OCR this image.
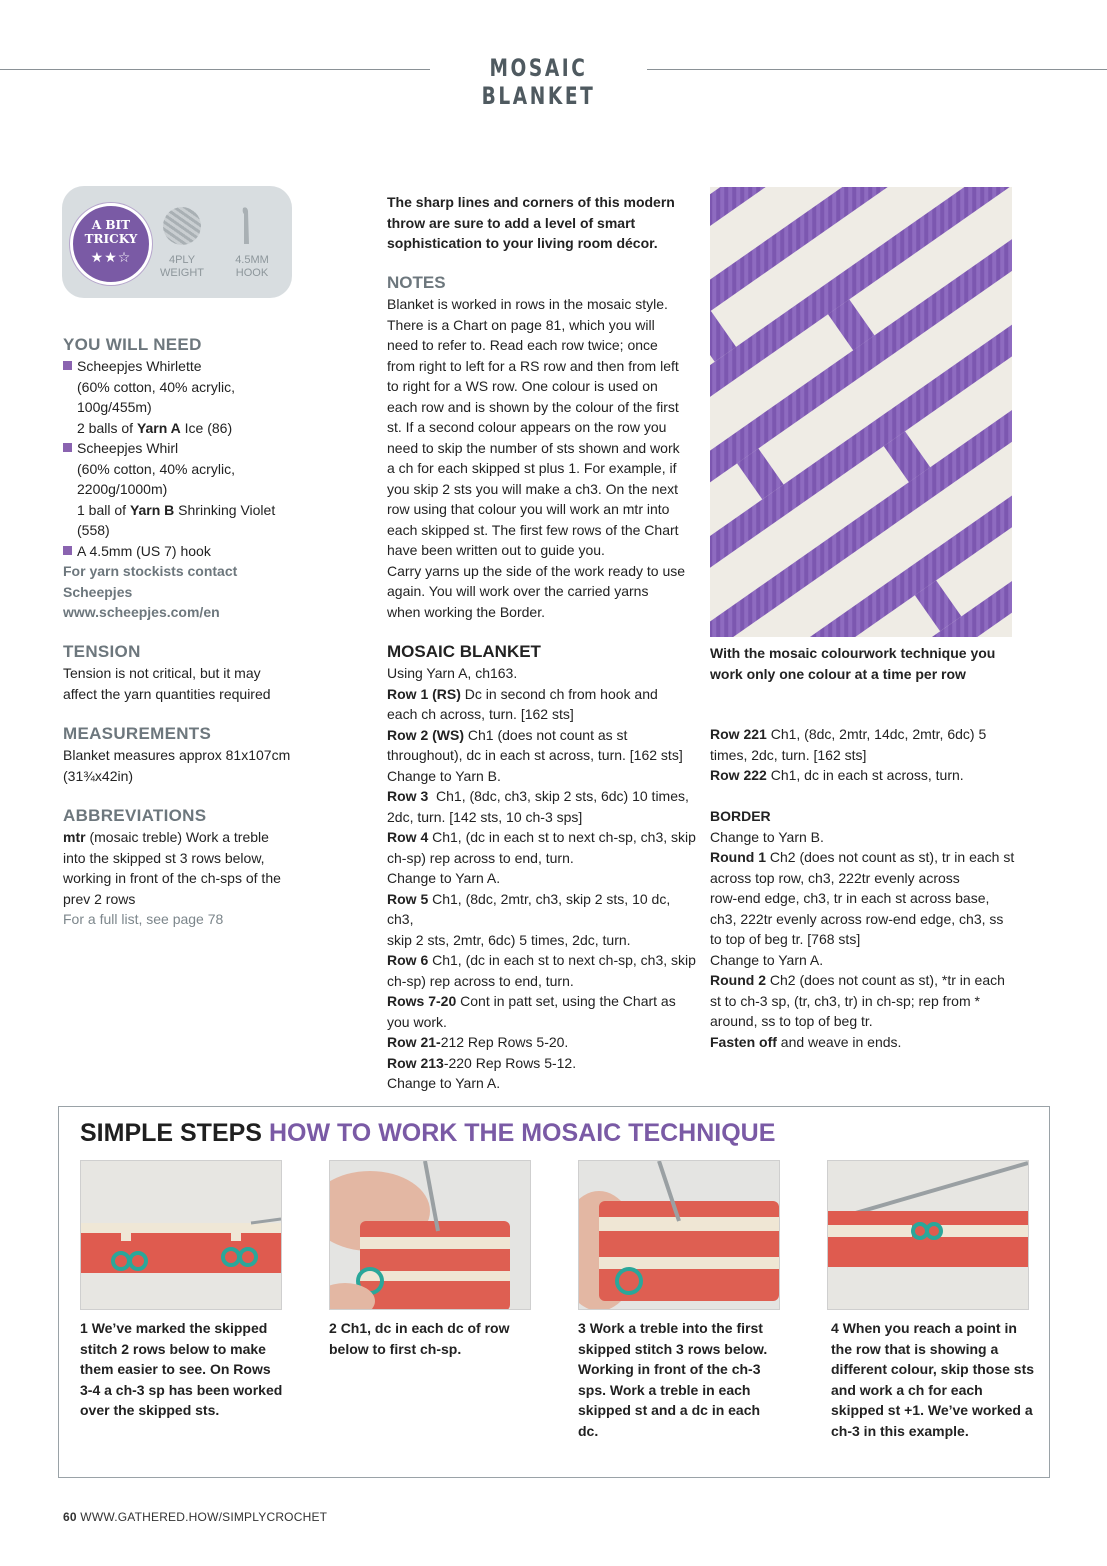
MOSAIC BLANKET
A BIT
TRICKY
★★☆	4PLY
WEIGHT
4.5MM
HOOK
YOU WILL NEED
Scheepjes Whirlette
(60% cotton, 40% acrylic,
100g/455m)
2 balls of Yarn A Ice (86)
Scheepjes Whirl
(60% cotton, 40% acrylic,
2200g/1000m)
1 ball of Yarn B Shrinking Violet
(558)
A 4.5mm (US 7) hook
For yarn stockists contact
Scheepjes
www.scheepjes.com/en
TENSION
Tension is not critical, but it may
affect the yarn quantities required
MEASUREMENTS
Blanket measures approx 81x107cm
(31¾x42in)
ABBREVIATIONS
mtr (mosaic treble) Work a treble
into the skipped st 3 rows below,
working in front of the ch-sps of the
prev 2 rows
For a full list, see page 78
The sharp lines and corners of this modern
throw are sure to add a level of smart
sophistication to your living room décor.
NOTES
Blanket is worked in rows in the mosaic style.
There is a Chart on page 81, which you will
need to refer to. Read each row twice; once
from right to left for a RS row and then from left
to right for a WS row. One colour is used on
each row and is shown by the colour of the first
st. If a second colour appears on the row you
need to skip the number of sts shown and work
a ch for each skipped st plus 1. For example, if
you skip 2 sts you will make a ch3. On the next
row using that colour you will work an mtr into
each skipped st. The first few rows of the Chart
have been written out to guide you.
Carry yarns up the side of the work ready to use
again. You will work over the carried yarns
when working the Border.
MOSAIC BLANKET
Using Yarn A, ch163.
Row 1 (RS) Dc in second ch from hook and
each ch across, turn. [162 sts]
Row 2 (WS) Ch1 (does not count as st
throughout), dc in each st across, turn. [162 sts]
Change to Yarn B.
Row 3  Ch1, (8dc, ch3, skip 2 sts, 6dc) 10 times,
2dc, turn. [142 sts, 10 ch-3 sps]
Row 4 Ch1, (dc in each st to next ch-sp, ch3, skip
ch-sp) rep across to end, turn.
Change to Yarn A.
Row 5 Ch1, (8dc, 2mtr, ch3, skip 2 sts, 10 dc, ch3,
skip 2 sts, 2mtr, 6dc) 5 times, 2dc, turn.
Row 6 Ch1, (dc in each st to next ch-sp, ch3, skip
ch-sp) rep across to end, turn.
Rows 7-20 Cont in patt set, using the Chart as
you work.
Row 21-212 Rep Rows 5-20.
Row 213-220 Rep Rows 5-12.
Change to Yarn A.
With the mosaic colourwork technique you
work only one colour at a time per row
Row 221 Ch1, (8dc, 2mtr, 14dc, 2mtr, 6dc) 5
times, 2dc, turn. [162 sts]
Row 222 Ch1, dc in each st across, turn.
BORDER
Change to Yarn B.
Round 1 Ch2 (does not count as st), tr in each st
across top row, ch3, 222tr evenly across
row-end edge, ch3, tr in each st across base,
ch3, 222tr evenly across row-end edge, ch3, ss
to top of beg tr. [768 sts]
Change to Yarn A.
Round 2 Ch2 (does not count as st), *tr in each
st to ch-3 sp, (tr, ch3, tr) in ch-sp; rep from *
around, ss to top of beg tr.
Fasten off and weave in ends.
SIMPLE STEPS HOW TO WORK THE MOSAIC TECHNIQUE
1 We’ve marked the skipped
stitch 2 rows below to make
them easier to see. On Rows
3-4 a ch-3 sp has been worked
over the skipped sts.
2 Ch1, dc in each dc of row
below to first ch-sp.
3 Work a treble into the first
skipped stitch 3 rows below.
Working in front of the ch-3
sps. Work a treble in each
skipped st and a dc in each dc.
4 When you reach a point in
the row that is showing a
different colour, skip those sts
and work a ch for each
skipped st +1. We’ve worked a
ch-3 in this example.
60 WWW.GATHERED.HOW/SIMPLYCROCHET
